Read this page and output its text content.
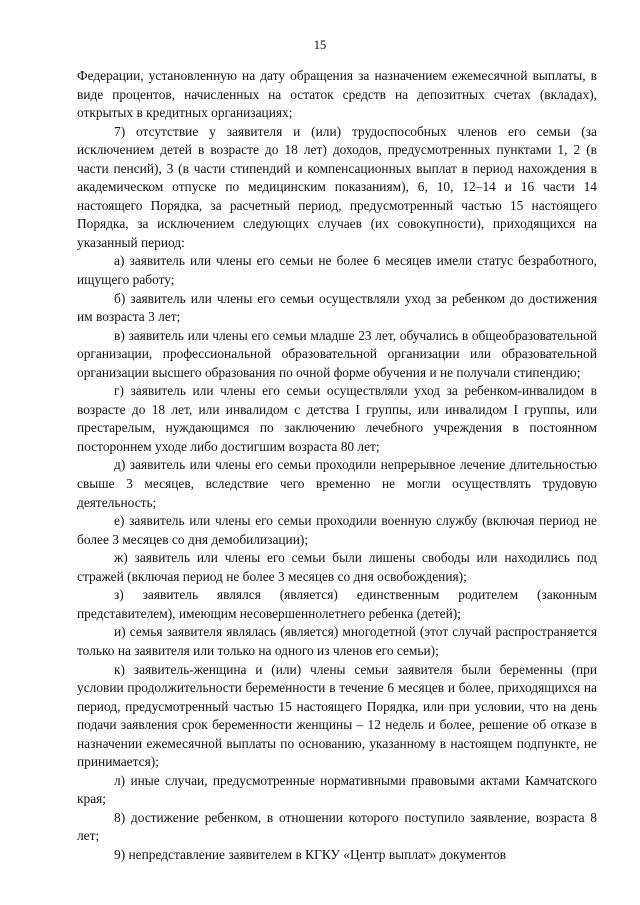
15

Федерации, установленную на дату обращения за назначением ежемесячной выплаты, в виде процентов, начисленных на остаток средств на депозитных счетах (вкладах), открытых в кредитных организациях;

7) отсутствие у заявителя и (или) трудоспособных членов его семьи (за исключением детей в возрасте до 18 лет) доходов, предусмотренных пунктами 1, 2 (в части пенсий), 3 (в части стипендий и компенсационных выплат в период нахождения в академическом отпуске по медицинским показаниям), 6, 10, 12–14 и 16 части 14 настоящего Порядка, за расчетный период, предусмотренный частью 15 настоящего Порядка, за исключением следующих случаев (их совокупности), приходящихся на указанный период:

а) заявитель или члены его семьи не более 6 месяцев имели статус безработного, ищущего работу;

б) заявитель или члены его семьи осуществляли уход за ребенком до достижения им возраста 3 лет;

в) заявитель или члены его семьи младше 23 лет, обучались в общеобразовательной организации, профессиональной образовательной организации или образовательной организации высшего образования по очной форме обучения и не получали стипендию;

г) заявитель или члены его семьи осуществляли уход за ребенком-инвалидом в возрасте до 18 лет, или инвалидом с детства I группы, или инвалидом I группы, или престарелым, нуждающимся по заключению лечебного учреждения в постоянном постороннем уходе либо достигшим возраста 80 лет;

д) заявитель или члены его семьи проходили непрерывное лечение длительностью свыше 3 месяцев, вследствие чего временно не могли осуществлять трудовую деятельность;

е) заявитель или члены его семьи проходили военную службу (включая период не более 3 месяцев со дня демобилизации);

ж) заявитель или члены его семьи были лишены свободы или находились под стражей (включая период не более 3 месяцев со дня освобождения);

з) заявитель являлся (является) единственным родителем (законным представителем), имеющим несовершеннолетнего ребенка (детей);

и) семья заявителя являлась (является) многодетной (этот случай распространяется только на заявителя или только на одного из членов его семьи);

к) заявитель-женщина и (или) члены семьи заявителя были беременны (при условии продолжительности беременности в течение 6 месяцев и более, приходящихся на период, предусмотренный частью 15 настоящего Порядка, или при условии, что на день подачи заявления срок беременности женщины – 12 недель и более, решение об отказе в назначении ежемесячной выплаты по основанию, указанному в настоящем подпункте, не принимается);

л) иные случаи, предусмотренные нормативными правовыми актами Камчатского края;

8) достижение ребенком, в отношении которого поступило заявление, возраста 8 лет;

9) непредставление заявителем в КГКУ «Центр выплат» документов
